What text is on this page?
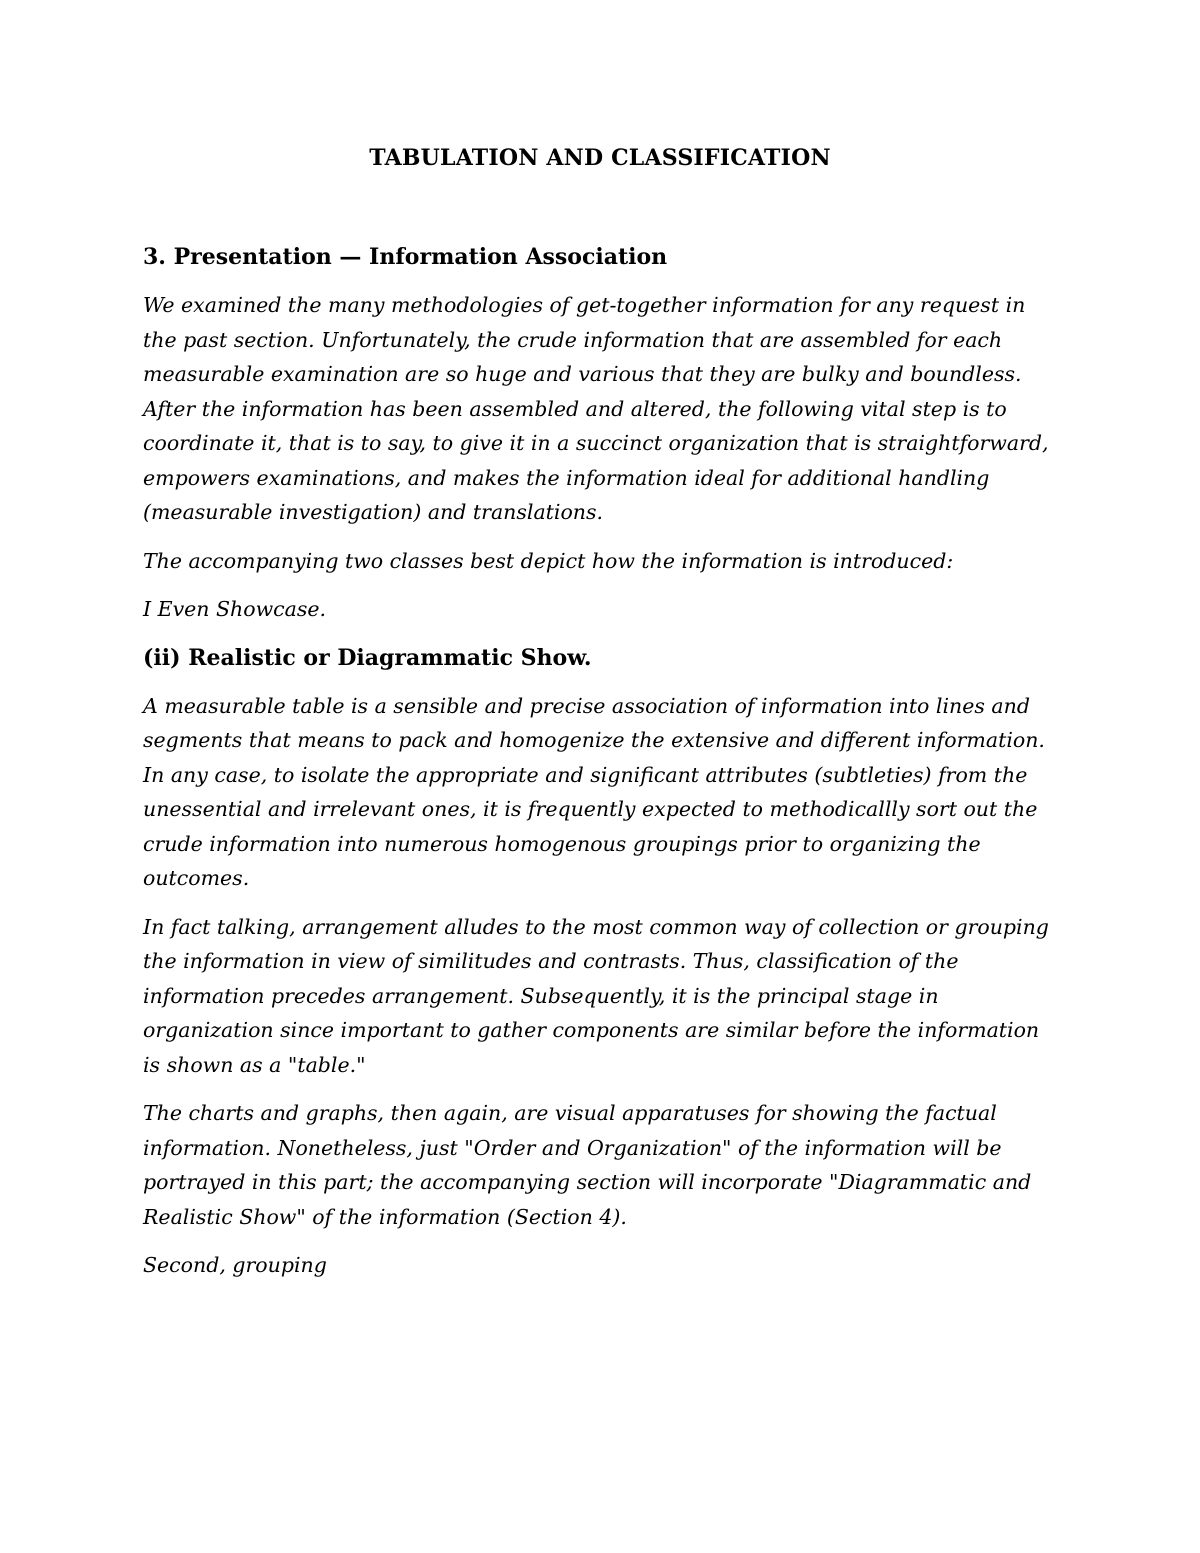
TABULATION AND CLASSIFICATION
3. Presentation — Information Association

We examined the many methodologies of get-together information for any request in the past section. Unfortunately, the crude information that are assembled for each measurable examination are so huge and various that they are bulky and boundless. After the information has been assembled and altered, the following vital step is to coordinate it, that is to say, to give it in a succinct organization that is straightforward, empowers examinations, and makes the information ideal for additional handling (measurable investigation) and translations.

The accompanying two classes best depict how the information is introduced:

I Even Showcase.

(ii) Realistic or Diagrammatic Show.

A measurable table is a sensible and precise association of information into lines and segments that means to pack and homogenize the extensive and different information. In any case, to isolate the appropriate and significant attributes (subtleties) from the unessential and irrelevant ones, it is frequently expected to methodicallly sort out the crude information into numerous homogenous groupings prior to organizing the outcomes.

In fact talking, arrangement alludes to the most common way of collection or grouping the information in view of similitudes and contrasts. Thus, classification of the information precedes arrangement. Subsequently, it is the principal stage in organization since important to gather components are similar before the information is shown as a "table."

The charts and graphs, then again, are visual apparatuses for showing the factual information. Nonetheless, just "Order and Organization" of the information will be portrayed in this part; the accompanying section will incorporate "Diagrammatic and Realistic Show" of the information (Section 4).

Second, grouping
